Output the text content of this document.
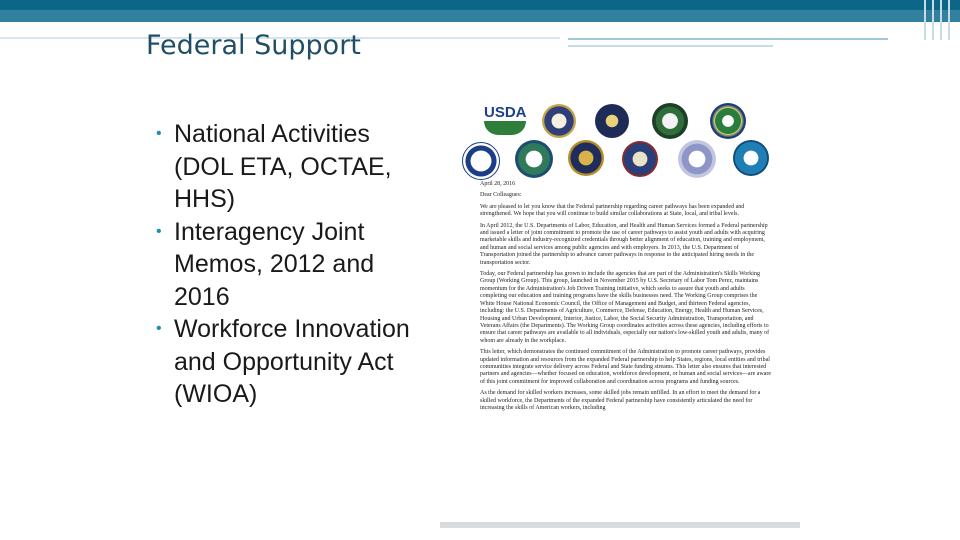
Federal Support
• National Activities (DOL ETA, OCTAE, HHS)
• Interagency Joint Memos, 2012 and 2016
• Workforce Innovation and Opportunity Act (WIOA)
USDA

April 28, 2016

Dear Colleagues:

We are pleased to let you know that the Federal partnership regarding career pathways has been expanded and strengthened. We hope that you will continue to build similar collaborations at State, local, and tribal levels.

In April 2012, the U.S. Departments of Labor, Education, and Health and Human Services formed a Federal partnership and issued a letter of joint commitment to promote the use of career pathways to assist youth and adults with acquiring marketable skills and industry-recognized credentials through better alignment of education, training and employment, and human and social services among public agencies and with employers. In 2013, the U.S. Department of Transportation joined the partnership to advance career pathways in response to the anticipated hiring needs in the transportation sector.

Today, our Federal partnership has grown to include the agencies that are part of the Administration's Skills Working Group (Working Group). This group, launched in November 2015 by U.S. Secretary of Labor Tom Perez, maintains momentum for the Administration's Job Driven Training initiative, which seeks to assure that youth and adults completing our education and training programs have the skills businesses need. The Working Group comprises the White House National Economic Council, the Office of Management and Budget, and thirteen Federal agencies, including: the U.S. Departments of Agriculture, Commerce, Defense, Education, Energy, Health and Human Services, Housing and Urban Development, Interior, Justice, Labor, the Social Security Administration, Transportation, and Veterans Affairs (the Departments). The Working Group coordinates activities across these agencies, including efforts to ensure that career pathways are available to all individuals, especially our nation's low-skilled youth and adults, many of whom are already in the workplace.

This letter, which demonstrates the continued commitment of the Administration to promote career pathways, provides updated information and resources from the expanded Federal partnership to help States, regions, local entities and tribal communities integrate service delivery across Federal and State funding streams. This letter also ensures that interested partners and agencies—whether focused on education, workforce development, or human and social services—are aware of this joint commitment for improved collaboration and coordination across programs and funding sources.

As the demand for skilled workers increases, some skilled jobs remain unfilled. In an effort to meet the demand for a skilled workforce, the Departments of the expanded Federal partnership have consistently articulated the need for increasing the skills of American workers, including
